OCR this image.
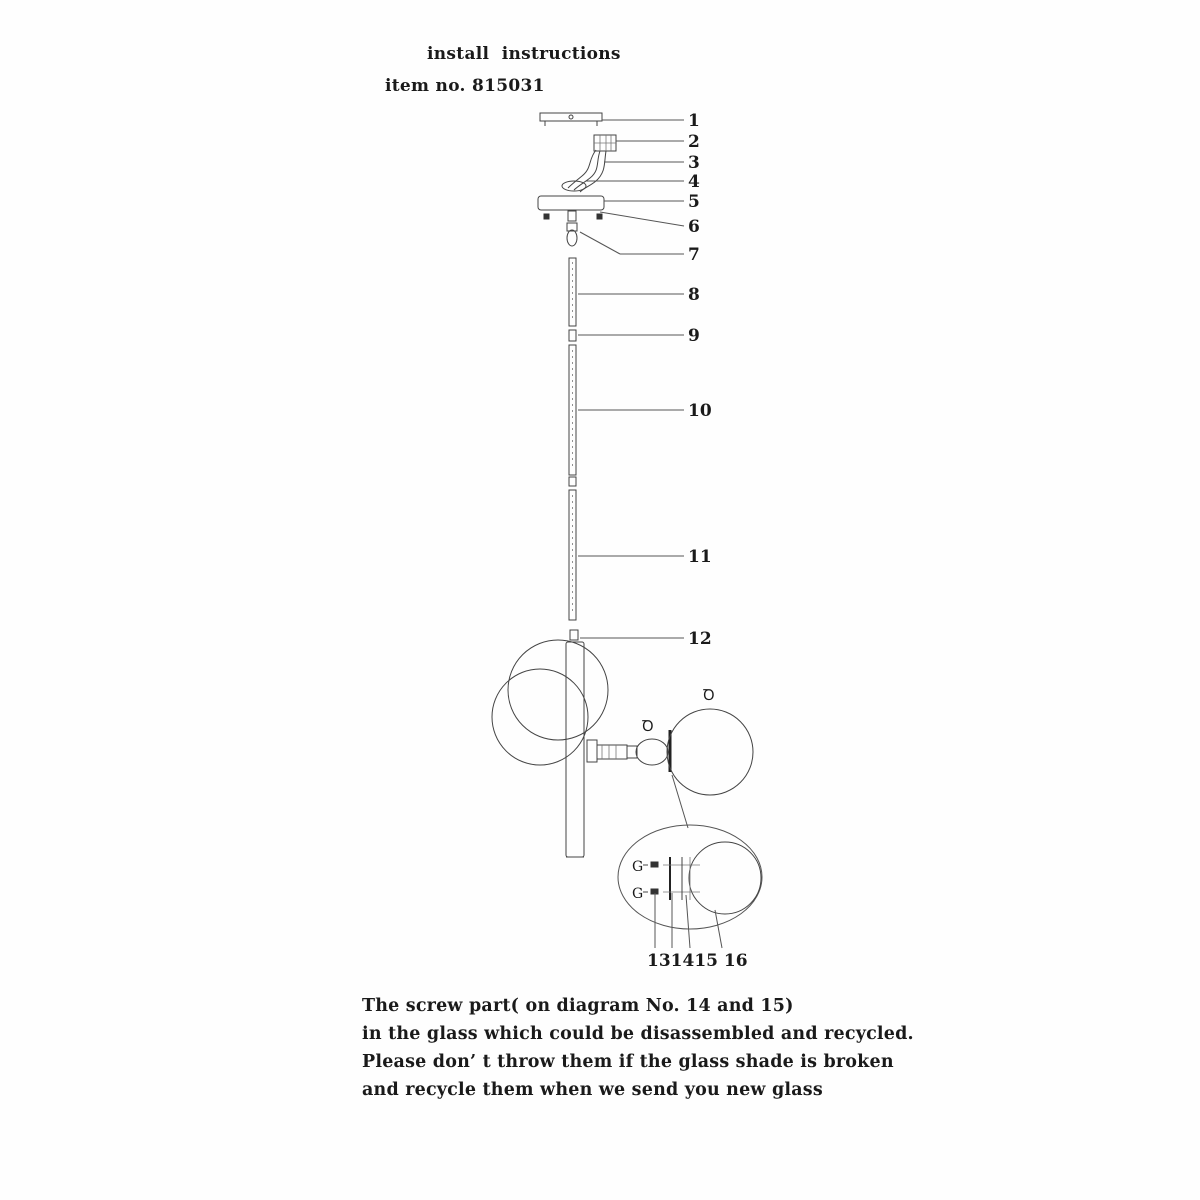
install  instructions
item no. 815031
Ꝺ
Ꝺ
G
G
1
2
3
4
5
6
7
8
9
10
11
12
131415 16
The screw part( on diagram No. 14 and 15)
in the glass which could be disassembled and recycled.
Please don’ t throw them if the glass shade is broken
and recycle them when we send you new glass
